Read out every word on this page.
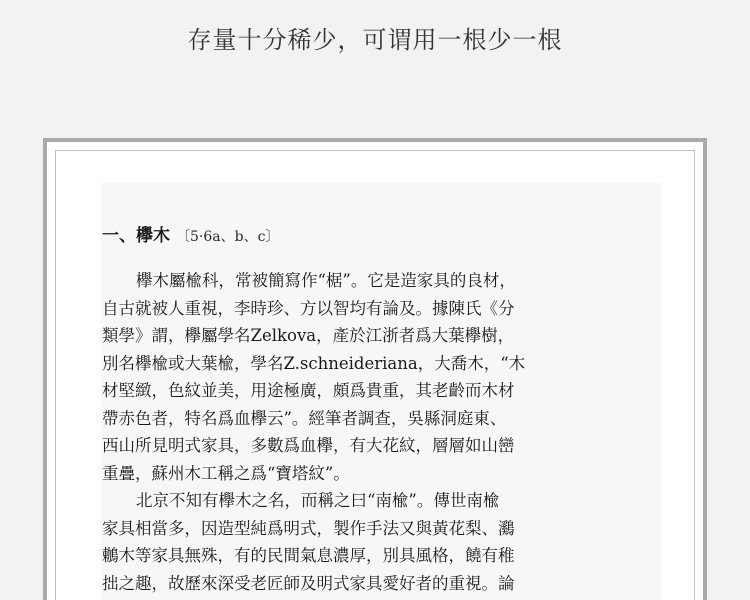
存量十分稀少，可谓用一根少一根
一、欅木 〔5·6a、b、c〕
欅木屬楡科，常被簡寫作“椐”。它是造家具的良材，
自古就被人重視，李時珍、方以智均有論及。據陳氏《分
類學》謂，欅屬學名Zelkova，產於江浙者爲大葉欅樹，
別名欅楡或大葉楡，學名Z.schneideriana，大喬木，“木
材堅緻，色紋並美，用途極廣，頗爲貴重，其老齡而木材
帶赤色者，特名爲血欅云”。經筆者調查，吳縣洞庭東、
西山所見明式家具，多數爲血欅，有大花紋，層層如山巒
重疊，蘇州木工稱之爲“寶塔紋”。
北京不知有欅木之名，而稱之曰“南楡”。傳世南楡
家具相當多，因造型純爲明式，製作手法又與黃花梨、鸂
鶒木等家具無殊，有的民間氣息濃厚，別具風格，饒有稚
拙之趣，故歷來深受老匠師及明式家具愛好者的重視。論
